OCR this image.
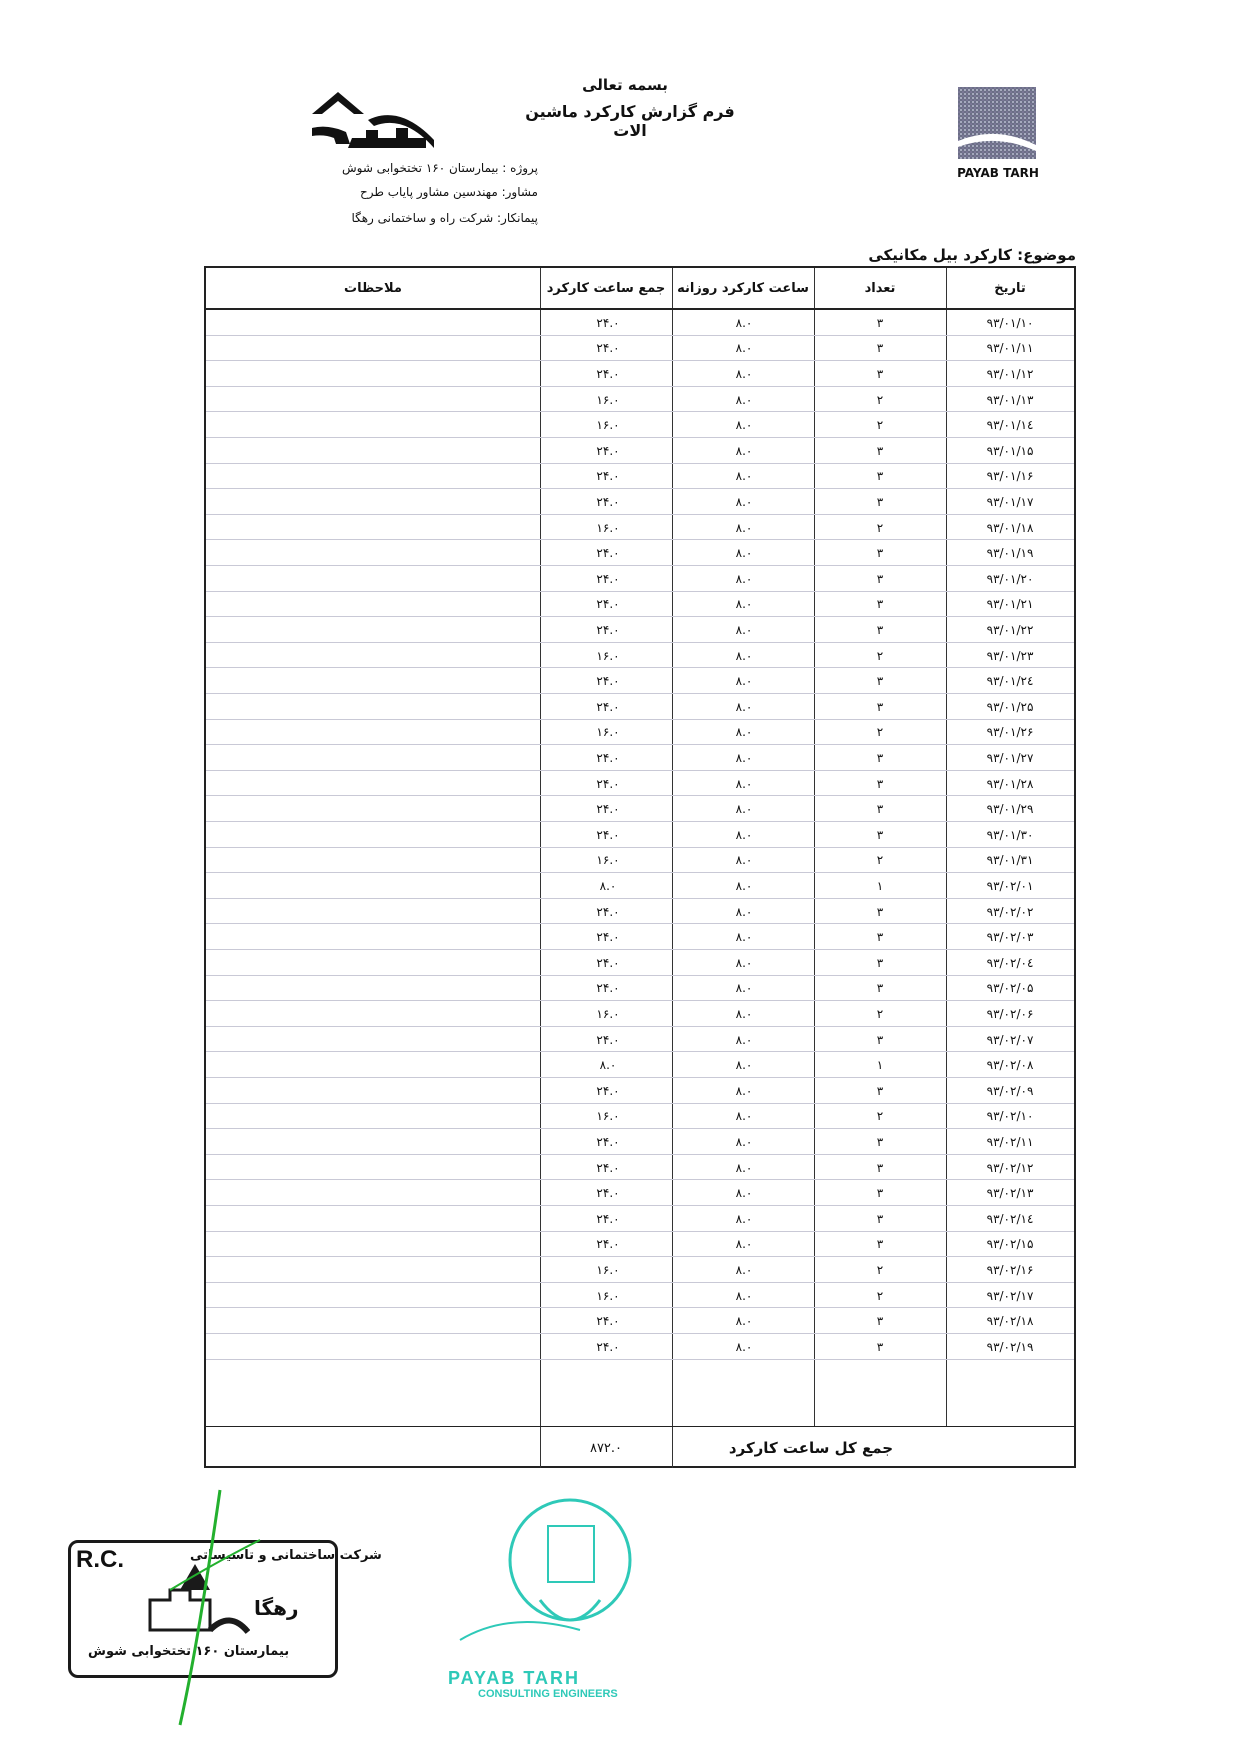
بسمه تعالی
فرم گزارش کارکرد ماشین الات
پروژه : بیمارستان ۱۶۰ تختخوابی شوش
مشاور: مهندسین مشاور پایاب طرح
پیمانکار: شرکت راه و ساختمانی رهگا
موضوع: کارکرد بیل مکانیکی
PAYAB TARH
تاریخ
تعداد
ساعت کارکرد روزانه
جمع ساعت کارکرد
ملاحظات
۹۳/۰۱/۱۰
۳
۸.۰
۲۴.۰
۹۳/۰۱/۱۱
۳
۸.۰
۲۴.۰
۹۳/۰۱/۱۲
۳
۸.۰
۲۴.۰
۹۳/۰۱/۱۳
۲
۸.۰
۱۶.۰
۹۳/۰۱/۱٤
۲
۸.۰
۱۶.۰
۹۳/۰۱/۱۵
۳
۸.۰
۲۴.۰
۹۳/۰۱/۱۶
۳
۸.۰
۲۴.۰
۹۳/۰۱/۱۷
۳
۸.۰
۲۴.۰
۹۳/۰۱/۱۸
۲
۸.۰
۱۶.۰
۹۳/۰۱/۱۹
۳
۸.۰
۲۴.۰
۹۳/۰۱/۲۰
۳
۸.۰
۲۴.۰
۹۳/۰۱/۲۱
۳
۸.۰
۲۴.۰
۹۳/۰۱/۲۲
۳
۸.۰
۲۴.۰
۹۳/۰۱/۲۳
۲
۸.۰
۱۶.۰
۹۳/۰۱/۲٤
۳
۸.۰
۲۴.۰
۹۳/۰۱/۲۵
۳
۸.۰
۲۴.۰
۹۳/۰۱/۲۶
۲
۸.۰
۱۶.۰
۹۳/۰۱/۲۷
۳
۸.۰
۲۴.۰
۹۳/۰۱/۲۸
۳
۸.۰
۲۴.۰
۹۳/۰۱/۲۹
۳
۸.۰
۲۴.۰
۹۳/۰۱/۳۰
۳
۸.۰
۲۴.۰
۹۳/۰۱/۳۱
۲
۸.۰
۱۶.۰
۹۳/۰۲/۰۱
۱
۸.۰
۸.۰
۹۳/۰۲/۰۲
۳
۸.۰
۲۴.۰
۹۳/۰۲/۰۳
۳
۸.۰
۲۴.۰
۹۳/۰۲/۰٤
۳
۸.۰
۲۴.۰
۹۳/۰۲/۰۵
۳
۸.۰
۲۴.۰
۹۳/۰۲/۰۶
۲
۸.۰
۱۶.۰
۹۳/۰۲/۰۷
۳
۸.۰
۲۴.۰
۹۳/۰۲/۰۸
۱
۸.۰
۸.۰
۹۳/۰۲/۰۹
۳
۸.۰
۲۴.۰
۹۳/۰۲/۱۰
۲
۸.۰
۱۶.۰
۹۳/۰۲/۱۱
۳
۸.۰
۲۴.۰
۹۳/۰۲/۱۲
۳
۸.۰
۲۴.۰
۹۳/۰۲/۱۳
۳
۸.۰
۲۴.۰
۹۳/۰۲/۱٤
۳
۸.۰
۲۴.۰
۹۳/۰۲/۱۵
۳
۸.۰
۲۴.۰
۹۳/۰۲/۱۶
۲
۸.۰
۱۶.۰
۹۳/۰۲/۱۷
۲
۸.۰
۱۶.۰
۹۳/۰۲/۱۸
۳
۸.۰
۲۴.۰
۹۳/۰۲/۱۹
۳
۸.۰
۲۴.۰
جمع کل ساعت کارکرد
۸۷۲.۰
R.C.	شرکت ساختمانی و تاسیساتی
رهگا
بیمارستان ۱۶۰ تختخوابی شوش
PAYAB TARH
CONSULTING ENGINEERS
